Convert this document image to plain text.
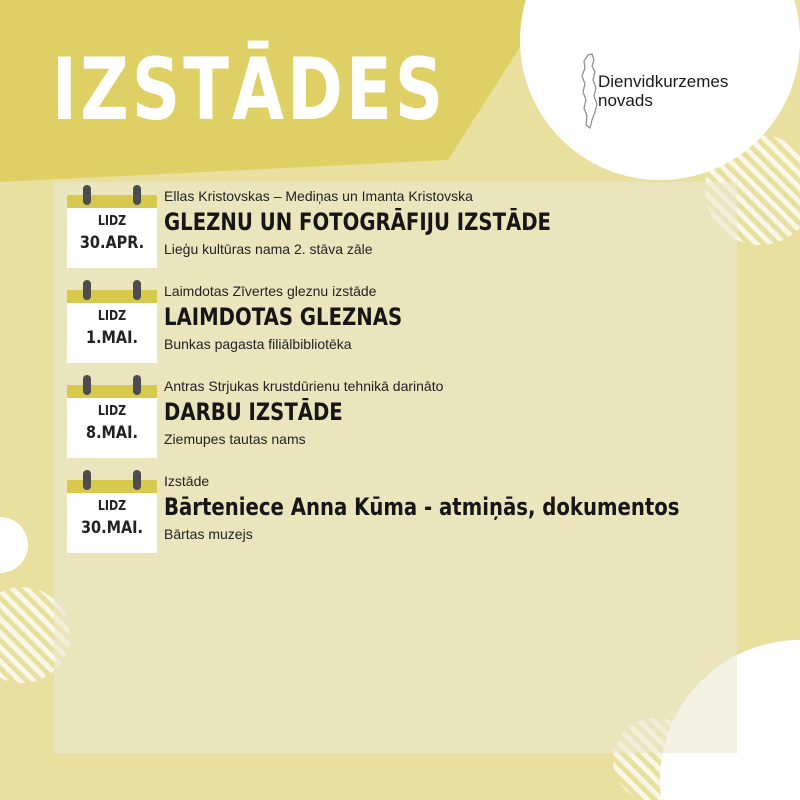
IZSTĀDES	Dienvidkurzemes
novads

LĪDZ
30.APR.
Ellas Kristovskas – Mediņas un Imanta Kristovska
GLEZNU UN FOTOGRĀFIJU IZSTĀDE
Lieģu kultūras nama 2. stāva zāle
LĪDZ
1.MAI.
Laimdotas Zīvertes gleznu izstāde
LAIMDOTAS GLEZNAS
Bunkas pagasta filiālbibliotēka
LĪDZ
8.MAI.
Antras Strjukas krustdūrienu tehnikā darināto
DARBU IZSTĀDE
Ziemupes tautas nams
LĪDZ
30.MAI.
Izstāde
Bārteniece Anna Kūma - atmiņās, dokumentos
Bārtas muzejs
